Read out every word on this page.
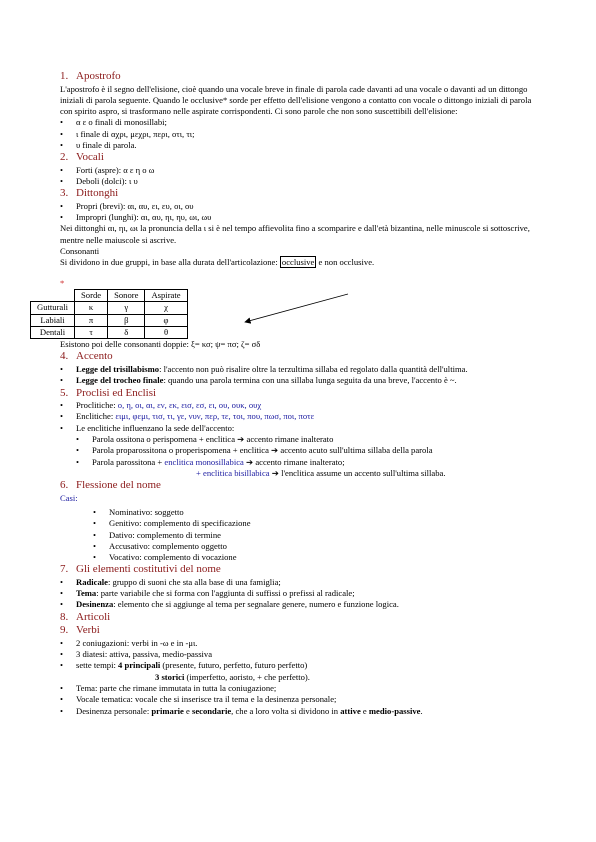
1. Apostrofo

L'apostrofo è il segno dell'elisione, cioè quando una vocale breve in finale di parola cade davanti ad una vocale o davanti ad un dittongo iniziali di parola seguente. Quando le occlusive* sorde per effetto dell'elisione vengono a contatto con vocale o dittongo iniziali di parola con spirito aspro, si trasformano nelle aspirate corrispondenti. Ci sono parole che non sono suscettibili dell'elisione:

• α ε ο finali di monosillabi;
• ι finale di αχρι, μεχρι, περι, οτι, τι;
• υ finale di parola.
2. Vocali
• Forti (aspre): α ε η ο ω
• Deboli (dolci): ι υ
3. Dittonghi
• Propri (brevi): αι, αυ, ει, ευ, οι, ου
• Impropri (lunghi): αι, αυ, ηι, ηυ, ωι, ωυ

Nei dittonghi αι, ηι, ωι la pronuncia della ι si è nel tempo affievolita fino a scomparire e dall'età bizantina, nelle minuscole si sottoscrive, mentre nelle maiuscole si ascrive.

Consonanti

Si dividono in due gruppi, in base alla durata dell'articolazione: occlusive e non occlusive.

*
	Sorde	Sonore	Aspirate
Gutturali	κ	γ	χ
Labiali	π	β	φ
Dentali	τ	δ	θ

Esistono poi delle consonanti doppie: ξ= κσ; ψ= πσ; ζ= σδ

4. Accento
• Legge del trisillabismo: l'accento non può risalire oltre la terzultima sillaba ed regolato dalla quantità dell'ultima.
• Legge del trocheo finale: quando una parola termina con una sillaba lunga seguita da una breve, l'accento è ~.
5. Proclisi ed Enclisi
• Proclitiche: ο, η, οι, αι, εν, εκ, εισ, εσ, ει, ου, ουκ, ουχ
• Enclitiche: ειμι, φεμι, τισ, τι, γε, νυν, περ, τε, τοι, που, πωσ, ποι, ποτε
• Le enclitiche influenzano la sede dell'accento:
• Parola ossitona o perispomena + enclitica ➔ accento rimane inalterato
• Parola proparossitona o properispomena + enclitica ➔ accento acuto sull'ultima sillaba della parola
• Parola parossitona + enclitica monosillabica ➔ accento rimane inalterato;

+ enclitica bisillabica ➔ l'enclitica assume un accento sull'ultima sillaba.

6. Flessione del nome

Casi:

• Nominativo: soggetto
• Genitivo: complemento di specificazione
• Dativo: complemento di termine
• Accusativo: complemento oggetto
• Vocativo: complemento di vocazione
7. Gli elementi costitutivi del nome
• Radicale: gruppo di suoni che sta alla base di una famiglia;
• Tema: parte variabile che si forma con l'aggiunta di suffissi o prefissi al radicale;
• Desinenza: elemento che si aggiunge al tema per segnalare genere, numero e funzione logica.
8. Articoli
9. Verbi
• 2 coniugazioni: verbi in -ω e in -μι.
• 3 diatesi: attiva, passiva, medio-passiva
• sette tempi: 4 principali (presente, futuro, perfetto, futuro perfetto)

3 storici (imperfetto, aoristo, + che perfetto).

• Tema: parte che rimane immutata in tutta la coniugazione;
• Vocale tematica: vocale che si inserisce tra il tema e la desinenza personale;
• Desinenza personale: primarie e secondarie, che a loro volta si dividono in attive e medio-passive.
